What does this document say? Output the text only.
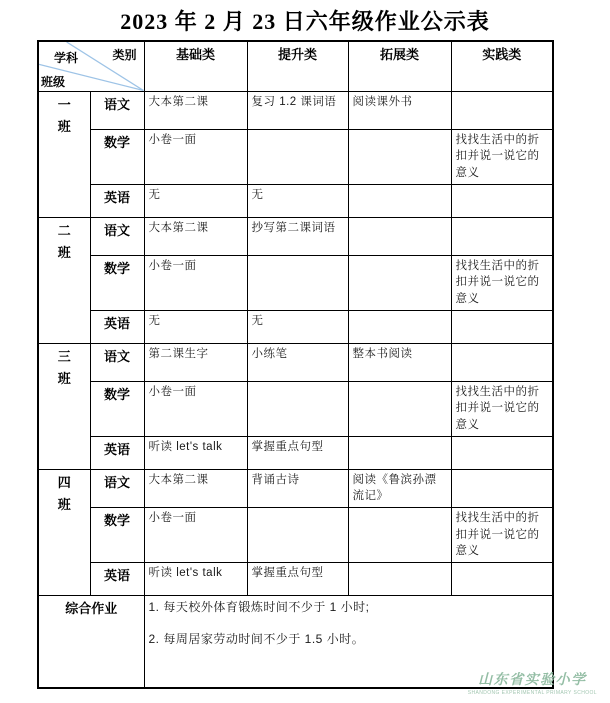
2023 年 2 月 23 日六年级作业公示表
学科 类别
班级		基础类	提升类	拓展类	实践类
一班	语文	大本第二课	复习 1.2 课词语	阅读课外书	
	数学	小卷一面			找找生活中的折扣并说一说它的意义
	英语	无	无		
二班	语文	大本第二课	抄写第二课词语		
	数学	小卷一面			找找生活中的折扣并说一说它的意义
	英语	无	无		
三班	语文	第二课生字	小练笔	整本书阅读	
	数学	小卷一面			找找生活中的折扣并说一说它的意义
	英语	听读 let's talk	掌握重点句型		
四班	语文	大本第二课	背诵古诗	阅读《鲁滨孙漂流记》	
	数学	小卷一面			找找生活中的折扣并说一说它的意义
	英语	听读 let's talk	掌握重点句型		
综合作业		1. 每天校外体育锻炼时间不少于 1 小时;

2. 每周居家劳动时间不少于 1.5 小时。			

山东省实验小学
SHANDONG EXPERIMENTAL PRIMARY SCHOOL
